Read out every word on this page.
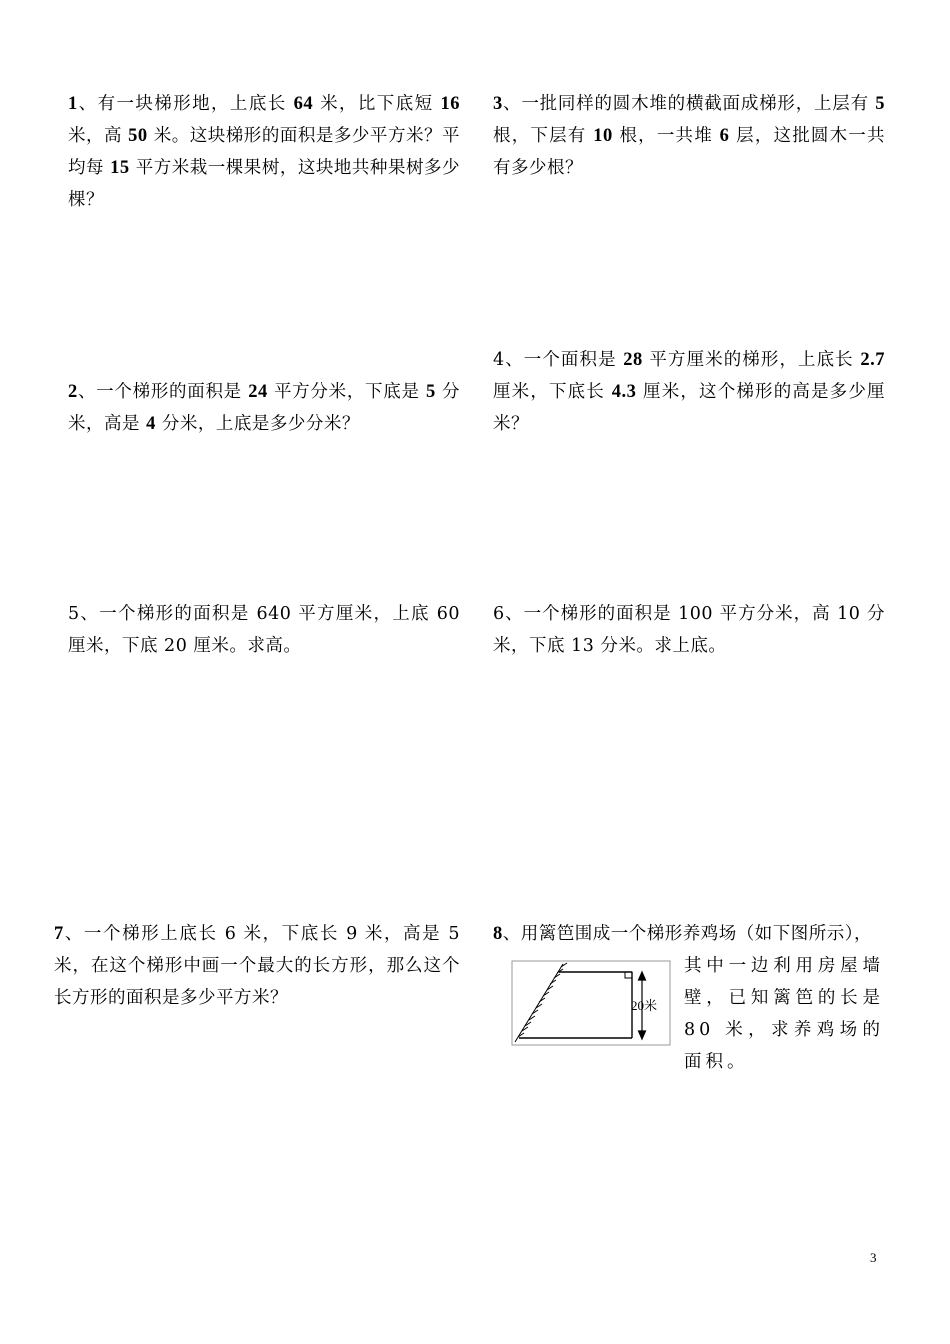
1、有一块梯形地，上底长 64 米，比下底短 16 米，高 50 米。这块梯形的面积是多少平方米？平均每 15 平方米栽一棵果树，这块地共种果树多少棵？
2、一个梯形的面积是 24 平方分米，下底是 5 分米，高是 4 分米，上底是多少分米？
3、一批同样的圆木堆的横截面成梯形，上层有 5 根，下层有 10 根，一共堆 6 层，这批圆木一共有多少根？
4、一个面积是 28 平方厘米的梯形，上底长 2.7 厘米，下底长 4.3 厘米，这个梯形的高是多少厘米？
5、一个梯形的面积是 640 平方厘米，上底 60 厘米，下底 20 厘米。求高。
6、一个梯形的面积是 100 平方分米，高 10 分米，下底 13 分米。求上底。
7、一个梯形上底长 6 米，下底长 9 米，高是 5 米，在这个梯形中画一个最大的长方形，那么这个长方形的面积是多少平方米？
8、用篱笆围成一个梯形养鸡场（如下图所示），
其中一边利用房屋墙壁，已知篱笆的长是 80 米，求养鸡场的面积。
20米
3
